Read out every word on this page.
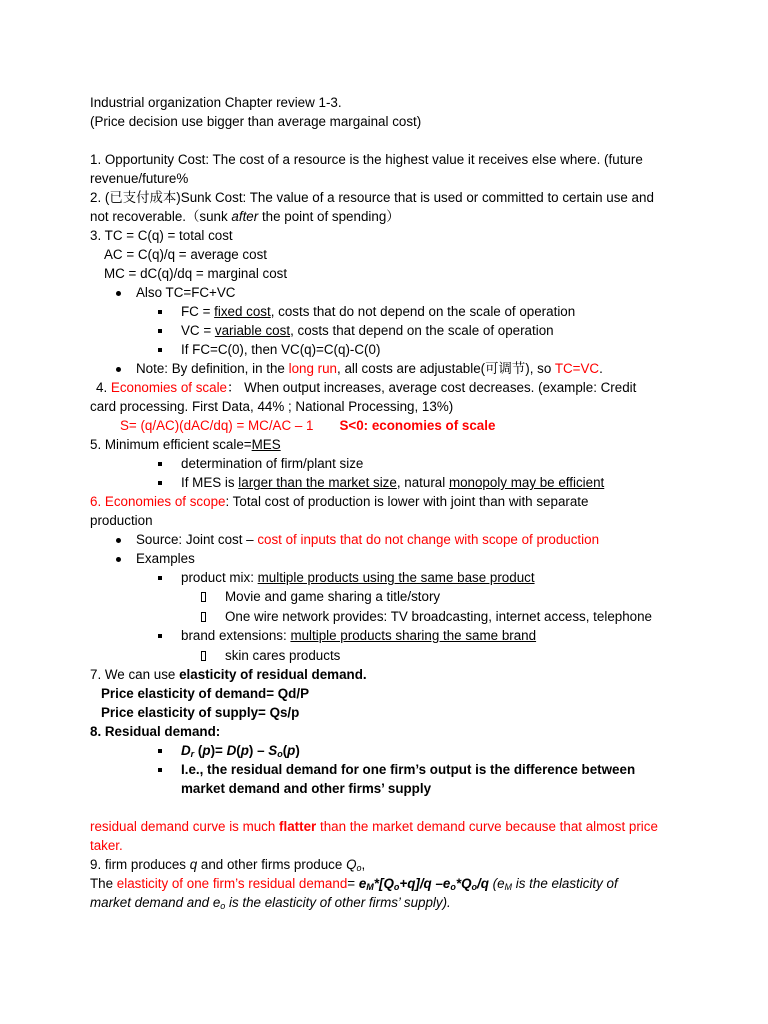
Industrial organization Chapter review 1-3.
(Price decision use bigger than average margainal cost)
1. Opportunity Cost: The cost of a resource is the highest value it receives else where. (future
revenue/future%
2. (已支付成本)Sunk Cost: The value of a resource that is used or committed to certain use and
not recoverable.（sunk after the point of spending）
3. TC = C(q) = total cost
AC = C(q)/q = average cost
MC = dC(q)/dq = marginal cost
Also TC=FC+VC
FC = fixed cost, costs that do not depend on the scale of operation
VC = variable cost, costs that depend on the scale of operation
If FC=C(0), then VC(q)=C(q)-C(0)
Note: By definition, in the long run, all costs are adjustable(可调节), so TC=VC.
4. Economies of scale： When output increases, average cost decreases. (example: Credit
card processing. First Data, 44% ; National Processing, 13%)
S= (q/AC)(dAC/dq) = MC/AC – 1 S<0: economies of scale
5. Minimum efficient scale=MES
determination of firm/plant size
If MES is larger than the market size, natural monopoly may be efficient
6. Economies of scope: Total cost of production is lower with joint than with separate
production
Source: Joint cost – cost of inputs that do not change with scope of production
Examples
product mix: multiple products using the same base product
Movie and game sharing a title/story
One wire network provides: TV broadcasting, internet access, telephone
brand extensions: multiple products sharing the same brand
skin cares products
7. We can use elasticity of residual demand.
Price elasticity of demand= Qd/P
Price elasticity of supply= Qs/p
8. Residual demand:
$D_r$ $(p)= D(p) - S_o(p)$
I.e., the residual demand for one firm’s output is the difference between
market demand and other firms’ supply
residual demand curve is much flatter than the market demand curve because that almost price
taker.
9. firm produces q and other firms produce $Q_o$,
The elasticity of one firm’s residual demand= $e_M*[Q_o+q]/q$ $-e_o*Q_o/q$ ($e_M$ is the elasticity of
market demand and $e_o$ is the elasticity of other firms’ supply).
